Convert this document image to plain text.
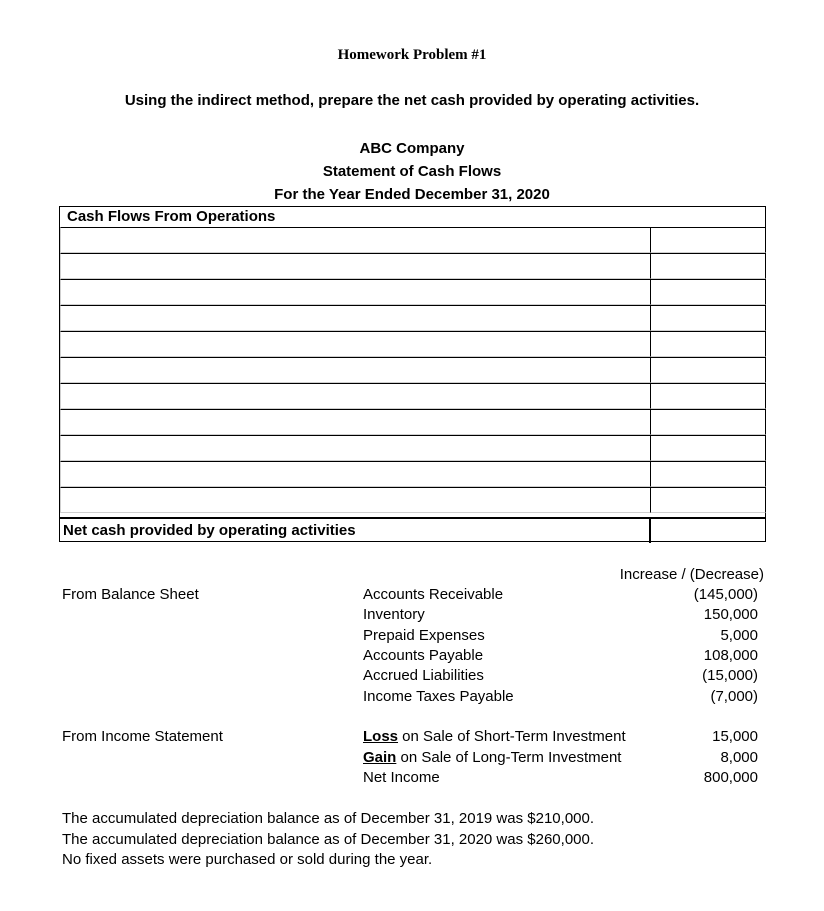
Homework Problem #1
Using the indirect method, prepare the net cash provided by operating activities.
ABC Company
Statement of Cash Flows
For the Year Ended December 31, 2020
Cash Flows From Operations
Net cash provided by operating activities
Increase / (Decrease)
From Balance Sheet	Accounts Receivable	(145,000)
Inventory	150,000
Prepaid Expenses	5,000
Accounts Payable	108,000
Accrued Liabilities	(15,000)
Income Taxes Payable	(7,000)
From Income Statement	Loss on Sale of Short-Term Investment	15,000
Gain on Sale of Long-Term Investment	8,000
Net Income	800,000
The accumulated depreciation balance as of December 31, 2019 was $210,000.
The accumulated depreciation balance as of December 31, 2020 was $260,000.
No fixed assets were purchased or sold during the year.
